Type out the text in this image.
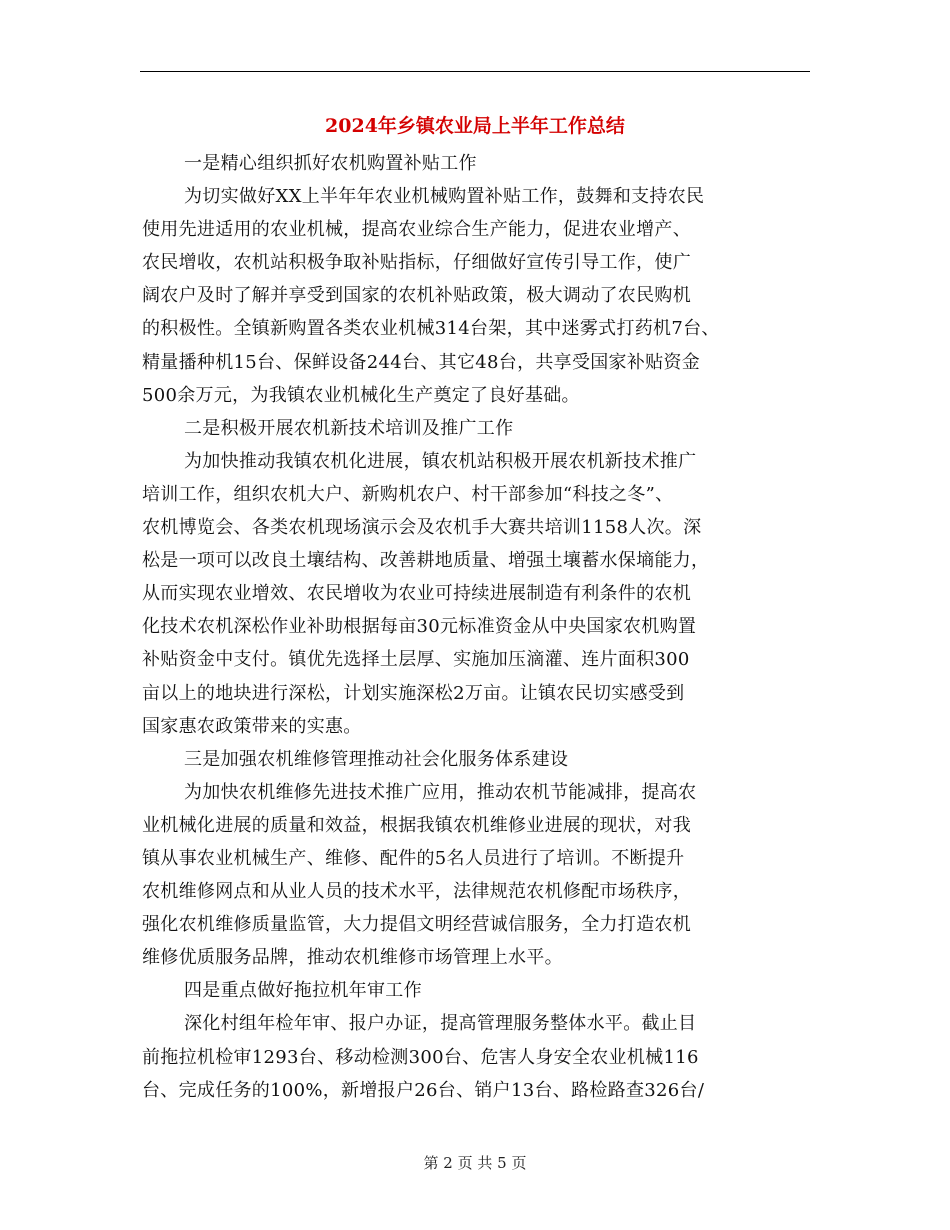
2024年乡镇农业局上半年工作总结
一是精心组织抓好农机购置补贴工作
为切实做好XX上半年年农业机械购置补贴工作，鼓舞和支持农民
使用先进适用的农业机械，提高农业综合生产能力，促进农业增产、
农民增收，农机站积极争取补贴指标，仔细做好宣传引导工作，使广
阔农户及时了解并享受到国家的农机补贴政策，极大调动了农民购机
的积极性。全镇新购置各类农业机械314台架，其中迷雾式打药机7台、
精量播种机15台、保鲜设备244台、其它48台，共享受国家补贴资金
500余万元，为我镇农业机械化生产奠定了良好基础。
二是积极开展农机新技术培训及推广工作
为加快推动我镇农机化进展，镇农机站积极开展农机新技术推广
培训工作，组织农机大户、新购机农户、村干部参加“科技之冬”、
农机博览会、各类农机现场演示会及农机手大赛共培训1158人次。深
松是一项可以改良土壤结构、改善耕地质量、增强土壤蓄水保墒能力，
从而实现农业增效、农民增收为农业可持续进展制造有利条件的农机
化技术农机深松作业补助根据每亩30元标准资金从中央国家农机购置
补贴资金中支付。镇优先选择土层厚、实施加压滴灌、连片面积300
亩以上的地块进行深松，计划实施深松2万亩。让镇农民切实感受到
国家惠农政策带来的实惠。
三是加强农机维修管理推动社会化服务体系建设
为加快农机维修先进技术推广应用，推动农机节能减排，提高农
业机械化进展的质量和效益，根据我镇农机维修业进展的现状，对我
镇从事农业机械生产、维修、配件的5名人员进行了培训。不断提升
农机维修网点和从业人员的技术水平，法律规范农机修配市场秩序，
强化农机维修质量监管，大力提倡文明经营诚信服务，全力打造农机
维修优质服务品牌，推动农机维修市场管理上水平。
四是重点做好拖拉机年审工作
深化村组年检年审、报户办证，提高管理服务整体水平。截止目
前拖拉机检审1293台、移动检测300台、危害人身安全农业机械116
台、完成任务的100%，新增报户26台、销户13台、路检路查326台/
第 2 页 共 5 页
